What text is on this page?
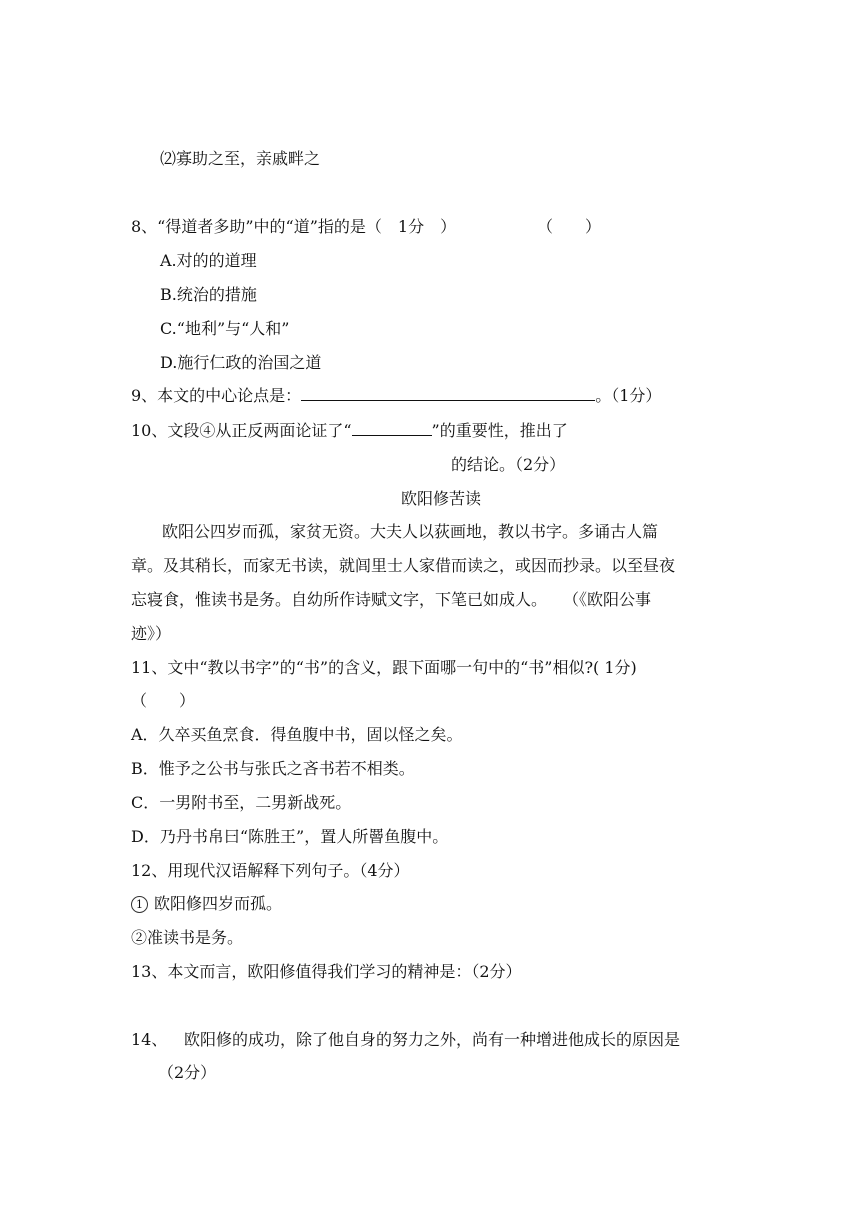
⑵寡助之至，亲戚畔之
8、“得道者多助”中的“道”指的是（　1分　）	（　　）
A.对的的道理
B.统治的措施
C.“地利”与“人和”
D.施行仁政的治国之道
9、本文的中心论点是：	。（1分）
10、文段④从正反两面论证了“	”的重要性，推出了
的结论。（2分）
欧阳修苦读
欧阳公四岁而孤，家贫无资。大夫人以荻画地，教以书字。多诵古人篇
章。及其稍长，而家无书读，就闾里士人家借而读之，或因而抄录。以至昼夜
忘寝食，惟读书是务。自幼所作诗赋文字，下笔已如成人。　　（《欧阳公事
迹》）
11、文中“教以书字”的“书”的含义，跟下面哪一句中的“书”相似?( 1分)
（　　）
A．久卒买鱼烹食．得鱼腹中书，固以怪之矣。
B．惟予之公书与张氏之吝书若不相类。
C．一男附书至，二男新战死。
D．乃丹书帛曰“陈胜王”，置人所罾鱼腹中。
12、用现代汉语解释下列句子。（4分）
1 欧阳修四岁而孤。
②准读书是务。
13、本文而言，欧阳修值得我们学习的精神是：（2分）
14、 欧阳修的成功，除了他自身的努力之外，尚有一种增进他成长的原因是
（2分）
